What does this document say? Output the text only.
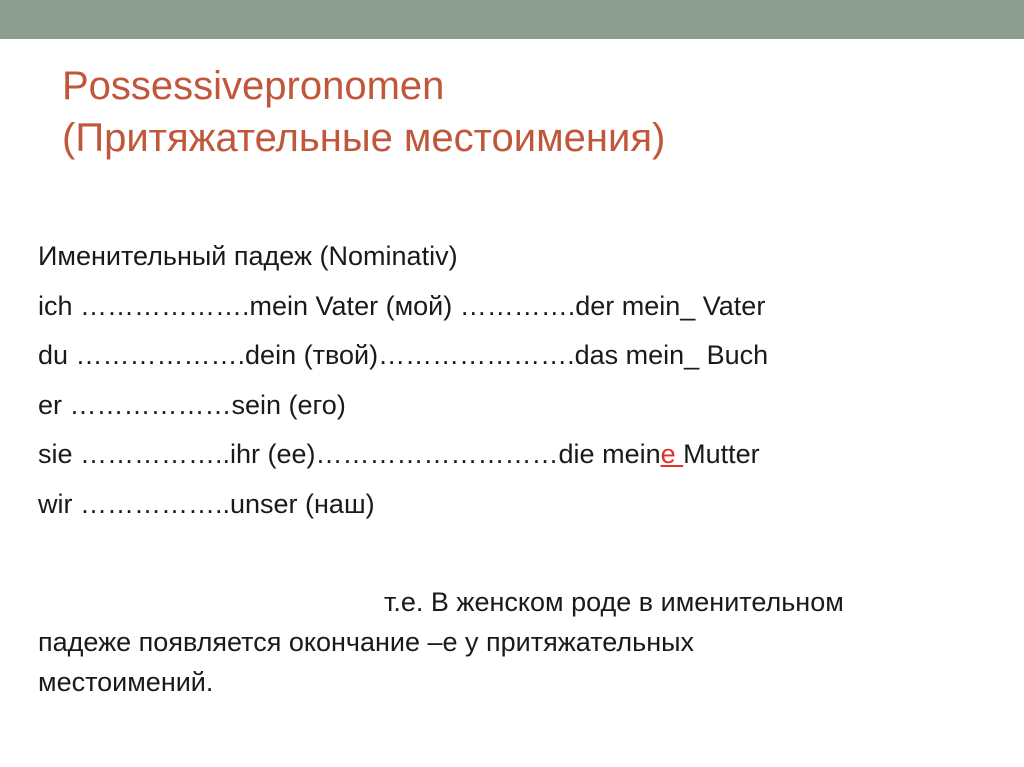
Possessivepronomen
(Притяжательные местоимения)
Именительный падеж (Nominativ)
ich ……………….mein Vater (мой) ………….der mein_ Vater
du ……………….dein (твой)………………….das mein_ Buch
er ………………sein (его)
sie ……………..ihr (ее)………………………die meine Mutter
wir ……………..unser (наш)
т.е. В женском роде в именительном
падеже появляется окончание –е у притяжательных
местоимений.
